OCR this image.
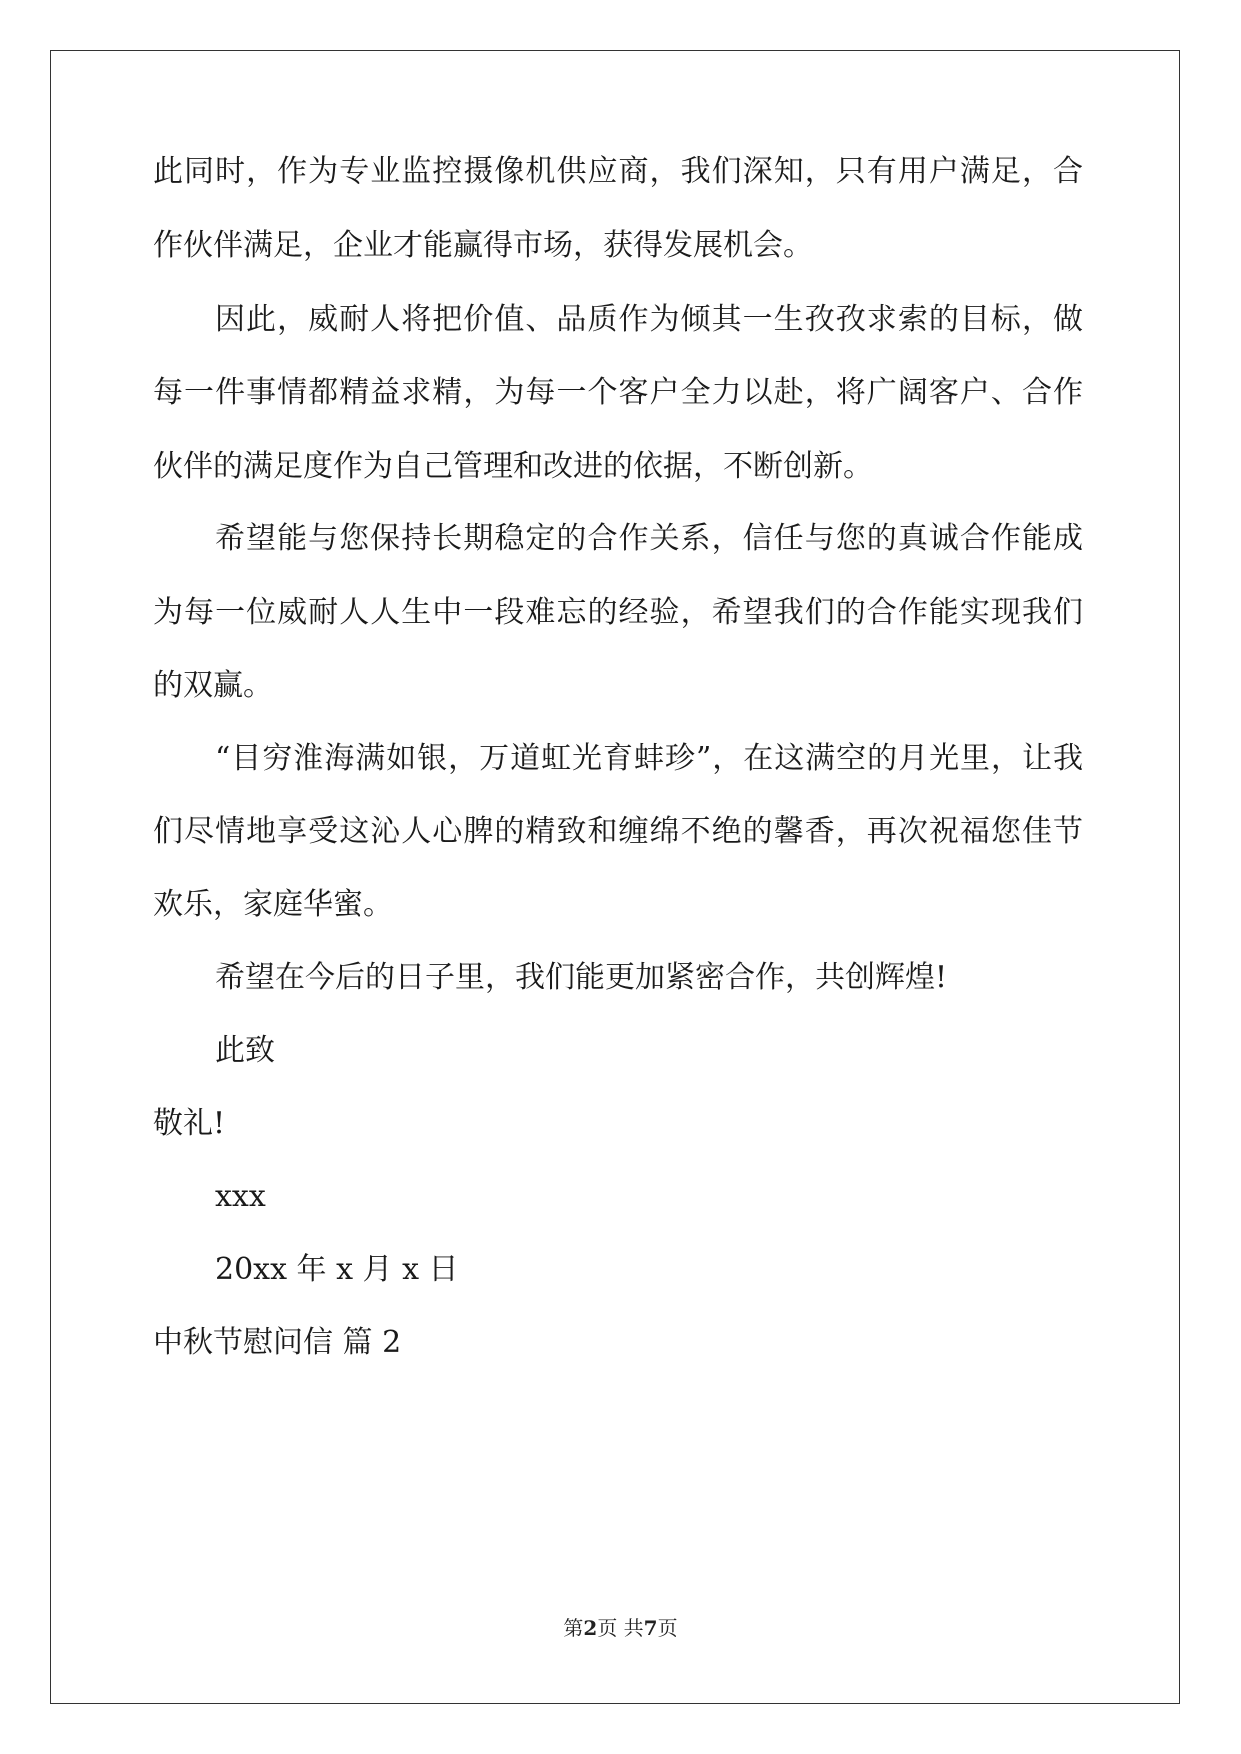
此同时，作为专业监控摄像机供应商，我们深知，只有用户满足，合

作伙伴满足，企业才能赢得市场，获得发展机会。

因此，威耐人将把价值、品质作为倾其一生孜孜求索的目标，做

每一件事情都精益求精，为每一个客户全力以赴，将广阔客户、合作

伙伴的满足度作为自己管理和改进的依据，不断创新。

希望能与您保持长期稳定的合作关系，信任与您的真诚合作能成

为每一位威耐人人生中一段难忘的经验，希望我们的合作能实现我们

的双赢。

“目穷淮海满如银，万道虹光育蚌珍”，在这满空的月光里，让我

们尽情地享受这沁人心脾的精致和缠绵不绝的馨香，再次祝福您佳节

欢乐，家庭华蜜。

希望在今后的日子里，我们能更加紧密合作，共创辉煌!

此致

敬礼!

xxx

20xx 年 x 月 x 日

中秋节慰问信 篇 2

第2页 共7页
